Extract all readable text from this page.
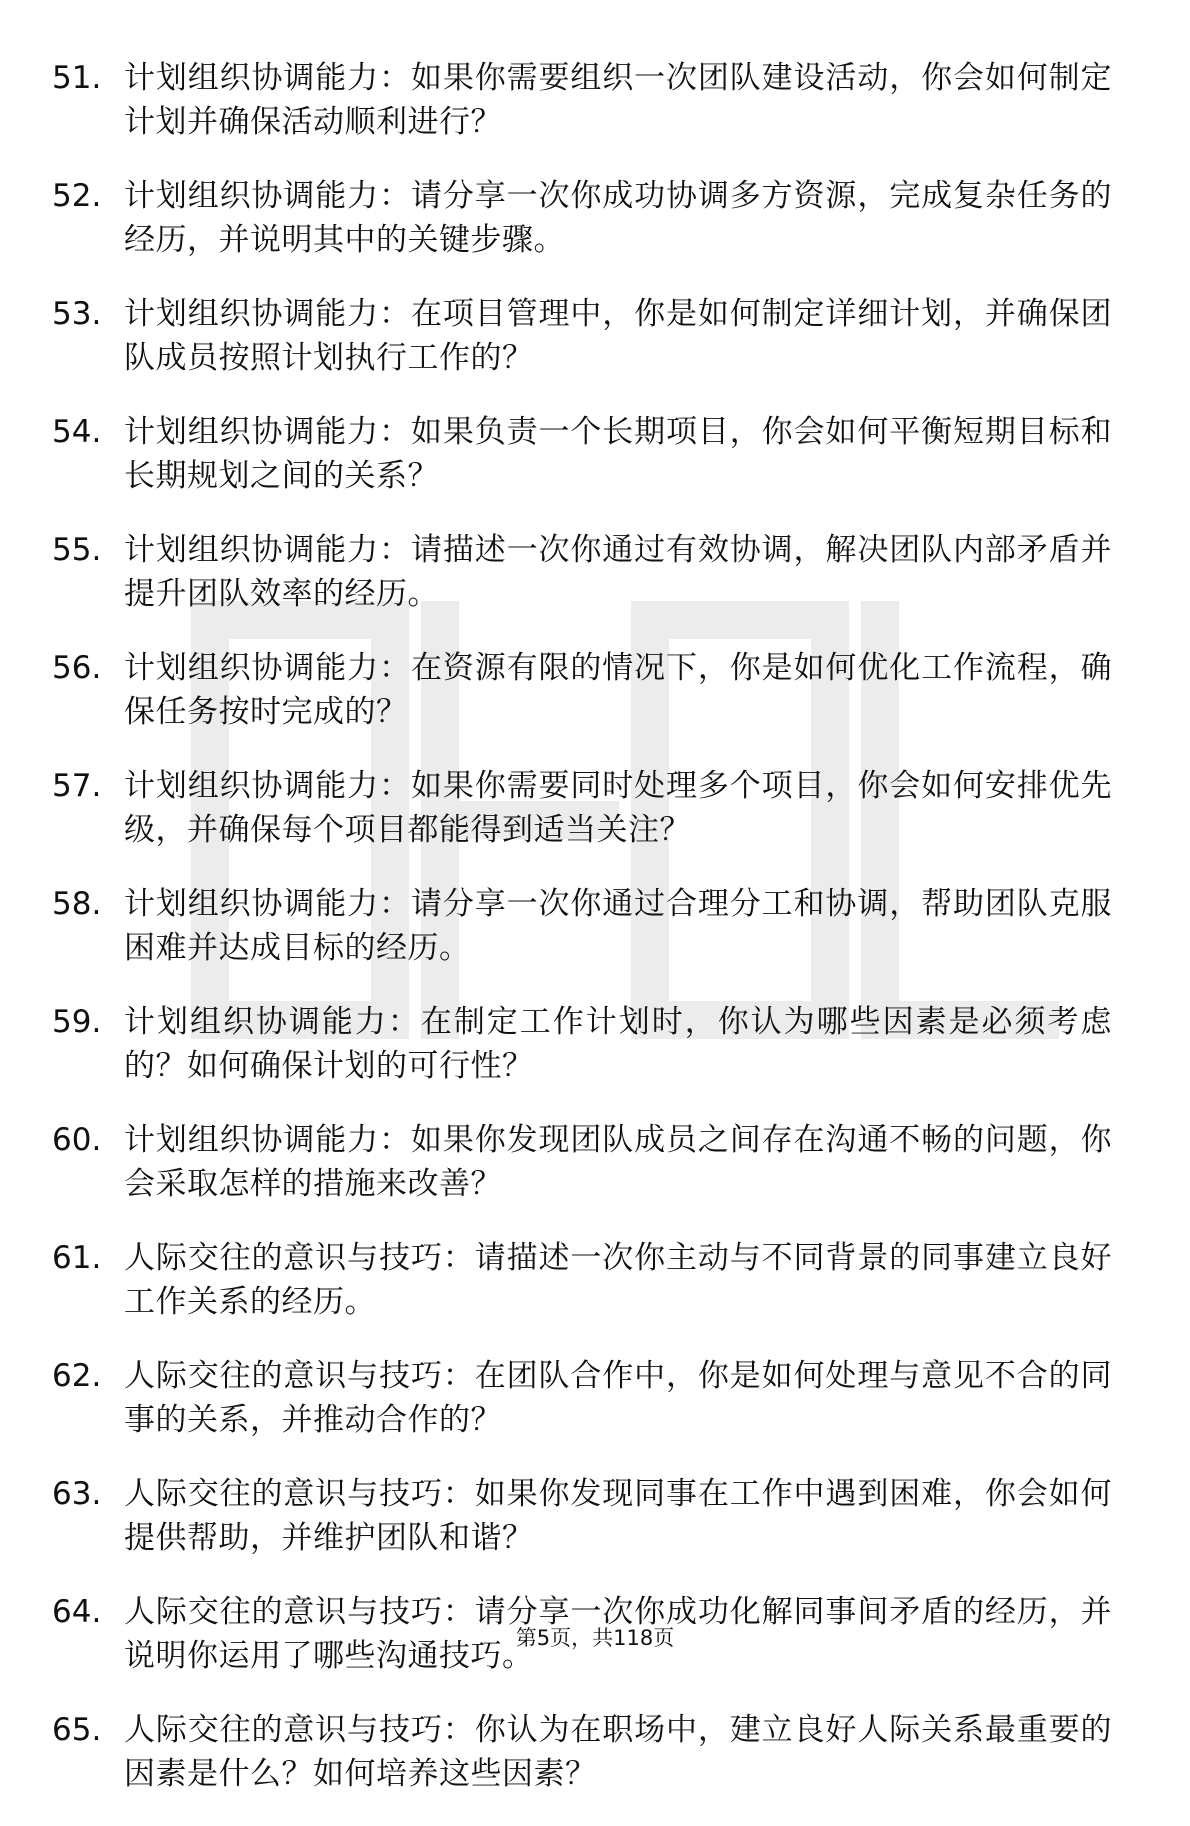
51. 计划组织协调能力：如果你需要组织一次团队建设活动，你会如何制定计划并确保活动顺利进行？
52. 计划组织协调能力：请分享一次你成功协调多方资源，完成复杂任务的经历，并说明其中的关键步骤。
53. 计划组织协调能力：在项目管理中，你是如何制定详细计划，并确保团队成员按照计划执行工作的？
54. 计划组织协调能力：如果负责一个长期项目，你会如何平衡短期目标和长期规划之间的关系？
55. 计划组织协调能力：请描述一次你通过有效协调，解决团队内部矛盾并提升团队效率的经历。
56. 计划组织协调能力：在资源有限的情况下，你是如何优化工作流程，确保任务按时完成的？
57. 计划组织协调能力：如果你需要同时处理多个项目，你会如何安排优先级，并确保每个项目都能得到适当关注？
58. 计划组织协调能力：请分享一次你通过合理分工和协调，帮助团队克服困难并达成目标的经历。
59. 计划组织协调能力：在制定工作计划时，你认为哪些因素是必须考虑的？如何确保计划的可行性？
60. 计划组织协调能力：如果你发现团队成员之间存在沟通不畅的问题，你会采取怎样的措施来改善？
61. 人际交往的意识与技巧：请描述一次你主动与不同背景的同事建立良好工作关系的经历。
62. 人际交往的意识与技巧：在团队合作中，你是如何处理与意见不合的同事的关系，并推动合作的？
63. 人际交往的意识与技巧：如果你发现同事在工作中遇到困难，你会如何提供帮助，并维护团队和谐？
64. 人际交往的意识与技巧：请分享一次你成功化解同事间矛盾的经历，并说明你运用了哪些沟通技巧。
65. 人际交往的意识与技巧：你认为在职场中，建立良好人际关系最重要的因素是什么？如何培养这些因素？
第5页，共118页
